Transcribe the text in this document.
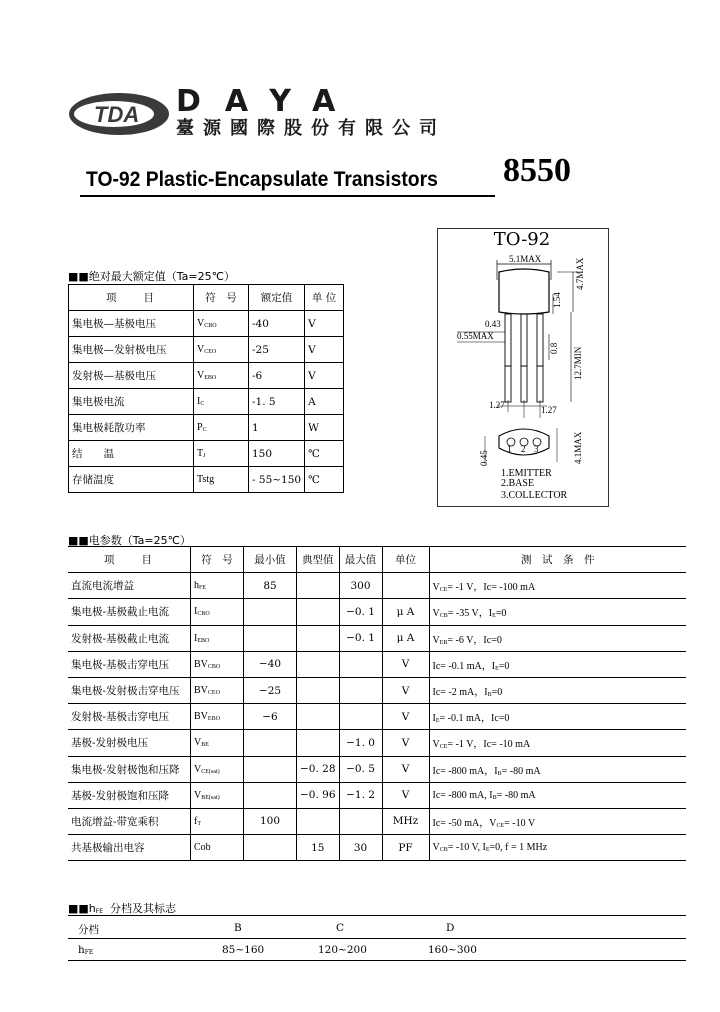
TDA DAYA
臺源國際股份有限公司
TO-92 Plastic-Encapsulate Transistors 8550
TO-92
4.7MAX
1.54
0.8 12.7MIN
5.1MAX
0.43
0.55MAX
1.27	1.27
1 2 3
0.45	4.1MAX
1.EMITTER
2.BASE
3.COLLECTOR
■■绝对最大额定值（Ta=25℃）
项　　目	符　号	额定值	单 位
集电极—基极电压	$V_{CBO}$	-40	V
集电极—发射极电压	$V_{CEO}$	-25	V
发射极—基极电压	$V_{EBO}$	-6	V
集电极电流	$I_C$	-1. 5	A
集电极耗散功率	$P_C$	1	W
结　　温	$T_J$	150	℃
存储温度	Tstg	- 55~150	℃
■■电参数（Ta=25℃）
项　　目	符　号	最小值	典型值	最大值	单位	测　试　条　件
直流电流增益	$h_{FE}$	85		300		$V_{CE}= -1$ V，Ic= -100 mA
集电极-基极截止电流	$I_{CBO}$			−0. 1	μ A	$V_{CB}= -35$ V，$I_E=0$
发射极-基极截止电流	$I_{EBO}$			−0. 1	μ A	$V_{EB}= -6$ V，Ic=0
集电极-基极击穿电压	$BV_{CBO}$	−40			V	Ic= -0.1 mA，$I_E=0$
集电极-发射极击穿电压	$BV_{CEO}$	−25			V	Ic= -2 mA，$I_B=0$
发射极-基极击穿电压	$BV_{EBO}$	−6			V	$I_E= -0.1$ mA，Ic=0
基极-发射极电压	$V_{BE}$			−1. 0	V	$V_{CE}= -1$ V，Ic= -10 mA
集电极-发射极饱和压降	$V_{CE(sat)}$		−0. 28	−0. 5	V	Ic= -800 mA，$I_B= -80$ mA
基极-发射极饱和压降	$V_{BE(sat)}$		−0. 96	−1. 2	V	Ic= -800 mA, $I_B= -80$ mA
电流增益-带宽乘积	$f_T$	100			MHz	Ic= -50 mA，$V_{CE}= -10$ V
共基极输出电容	Cob		15	30	PF	$V_{CB}= -10$ V, $I_E=0$, f = 1 MHz
$■■h_{FE}$  分档及其标志
分档	B	C	D
$h_{FE}$	85~160	120~200	160~300
